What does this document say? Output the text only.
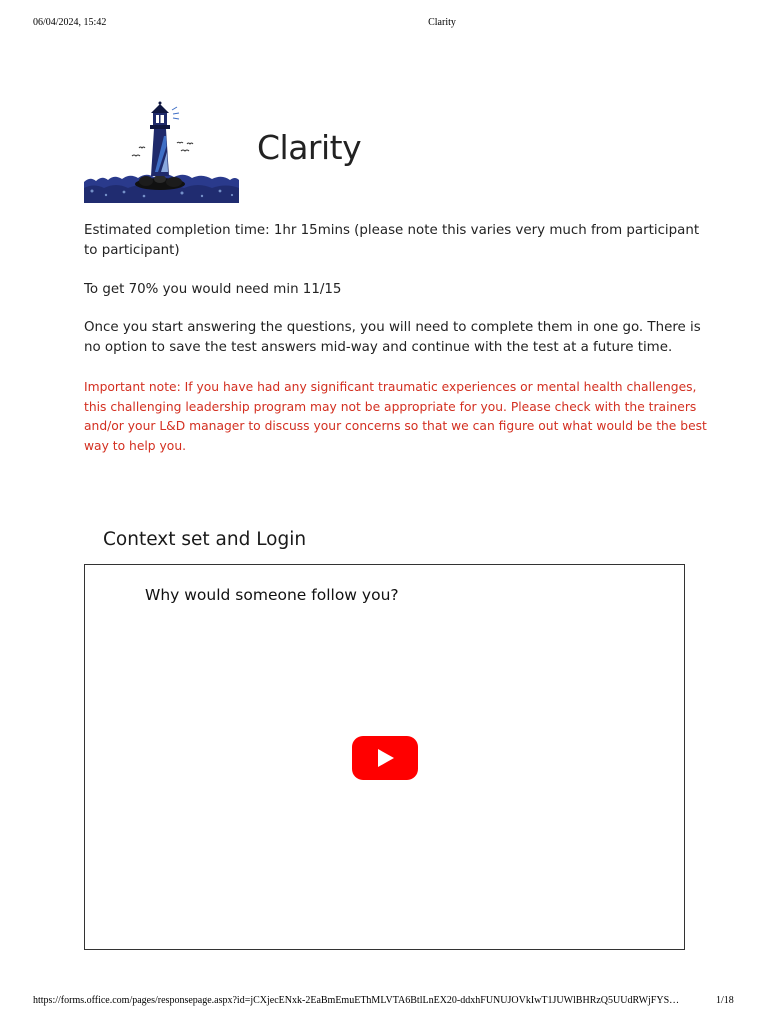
06/04/2024, 15:42	Clarity
Clarity

Estimated completion time: 1hr 15mins (please note this varies very much from participant to participant)

To get 70% you would need min 11/15

Once you start answering the questions, you will need to complete them in one go. There is no option to save the test answers mid-way and continue with the test at a future time.

Important note: If you have had any significant traumatic experiences or mental health challenges, this challenging leadership program may not be appropriate for you. Please check with the trainers and/or your L&D manager to discuss your concerns so that we can figure out what would be the best way to help you.

Context set and Login
Why would someone follow you?
https://forms.office.com/pages/responsepage.aspx?id=jCXjecENxk-2EaBmEmuEThMLVTA6BtlLnEX20-ddxhFUNUJOVkIwT1JUWlBHRzQ5UUdRWjFYS…	1/18
